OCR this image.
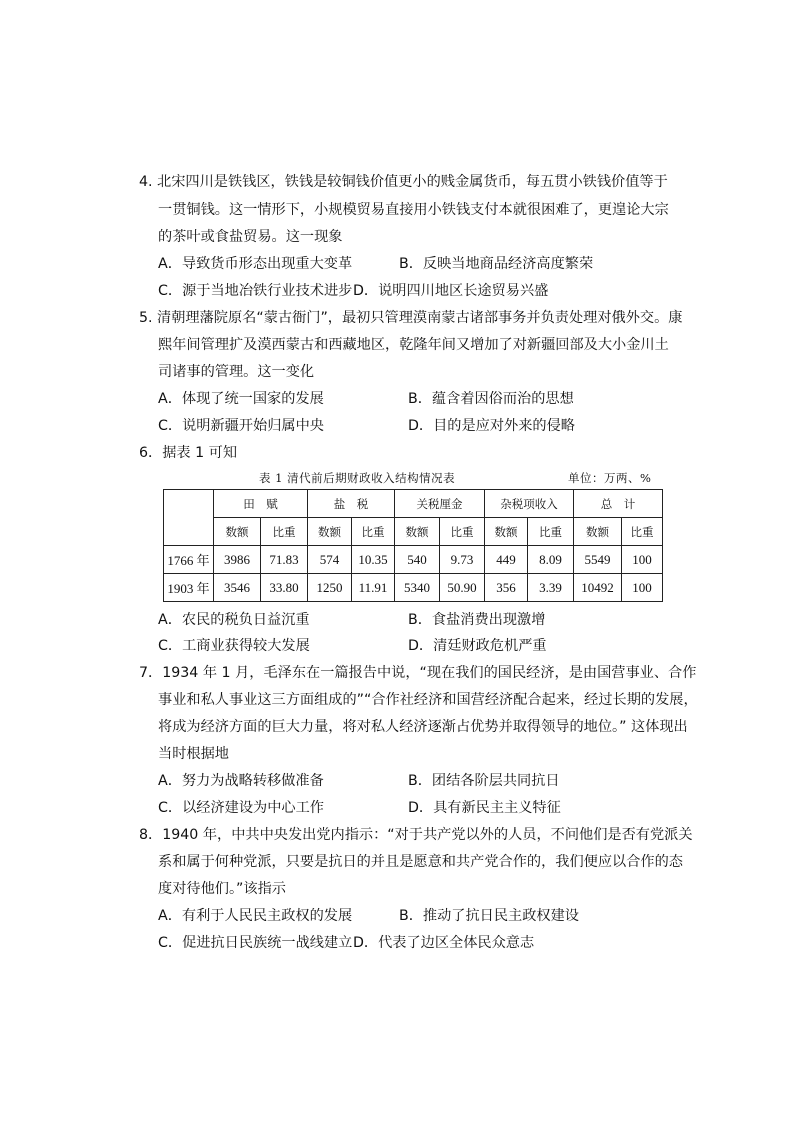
4. 北宋四川是铁钱区，铁钱是较铜钱价值更小的贱金属货币，每五贯小铁钱价值等于
一贯铜钱。这一情形下，小规模贸易直接用小铁钱支付本就很困难了，更遑论大宗
的茶叶或食盐贸易。这一现象
A．导致货币形态出现重大变革	B．反映当地商品经济高度繁荣
C．源于当地冶铁行业技术进步 D．说明四川地区长途贸易兴盛
5. 清朝理藩院原名“蒙古衙门”，最初只管理漠南蒙古诸部事务并负责处理对俄外交。康
熙年间管理扩及漠西蒙古和西藏地区，乾隆年间又增加了对新疆回部及大小金川土
司诸事的管理。这一变化
A．体现了统一国家的发展	B．蕴含着因俗而治的思想
C．说明新疆开始归属中央	D．目的是应对外来的侵略
6．据表 1 可知
表 1 清代前后期财政收入结构情况表	单位：万两、%
	田　赋		盐　税		关税厘金		杂税项收入		总　计	
	数额	比重	数额	比重	数额	比重	数额	比重	数额	比重
1766 年	3986	71.83	574	10.35	540	9.73	449	8.09	5549	100
1903 年	3546	33.80	1250	11.91	5340	50.90	356	3.39	10492	100
A．农民的税负日益沉重	B．食盐消费出现激增
C．工商业获得较大发展	D．清廷财政危机严重
7．1934 年 1 月，毛泽东在一篇报告中说，“现在我们的国民经济，是由国营事业、合作
事业和私人事业这三方面组成的”“合作社经济和国营经济配合起来，经过长期的发展，
将成为经济方面的巨大力量，将对私人经济逐渐占优势并取得领导的地位。” 这体现出
当时根据地
A．努力为战略转移做准备	B．团结各阶层共同抗日
C．以经济建设为中心工作	D．具有新民主主义特征
8．1940 年，中共中央发出党内指示：“对于共产党以外的人员，不问他们是否有党派关
系和属于何种党派，只要是抗日的并且是愿意和共产党合作的，我们便应以合作的态
度对待他们。”该指示
A．有利于人民民主政权的发展	B．推动了抗日民主政权建设
C．促进抗日民族统一战线建立 D．代表了边区全体民众意志
